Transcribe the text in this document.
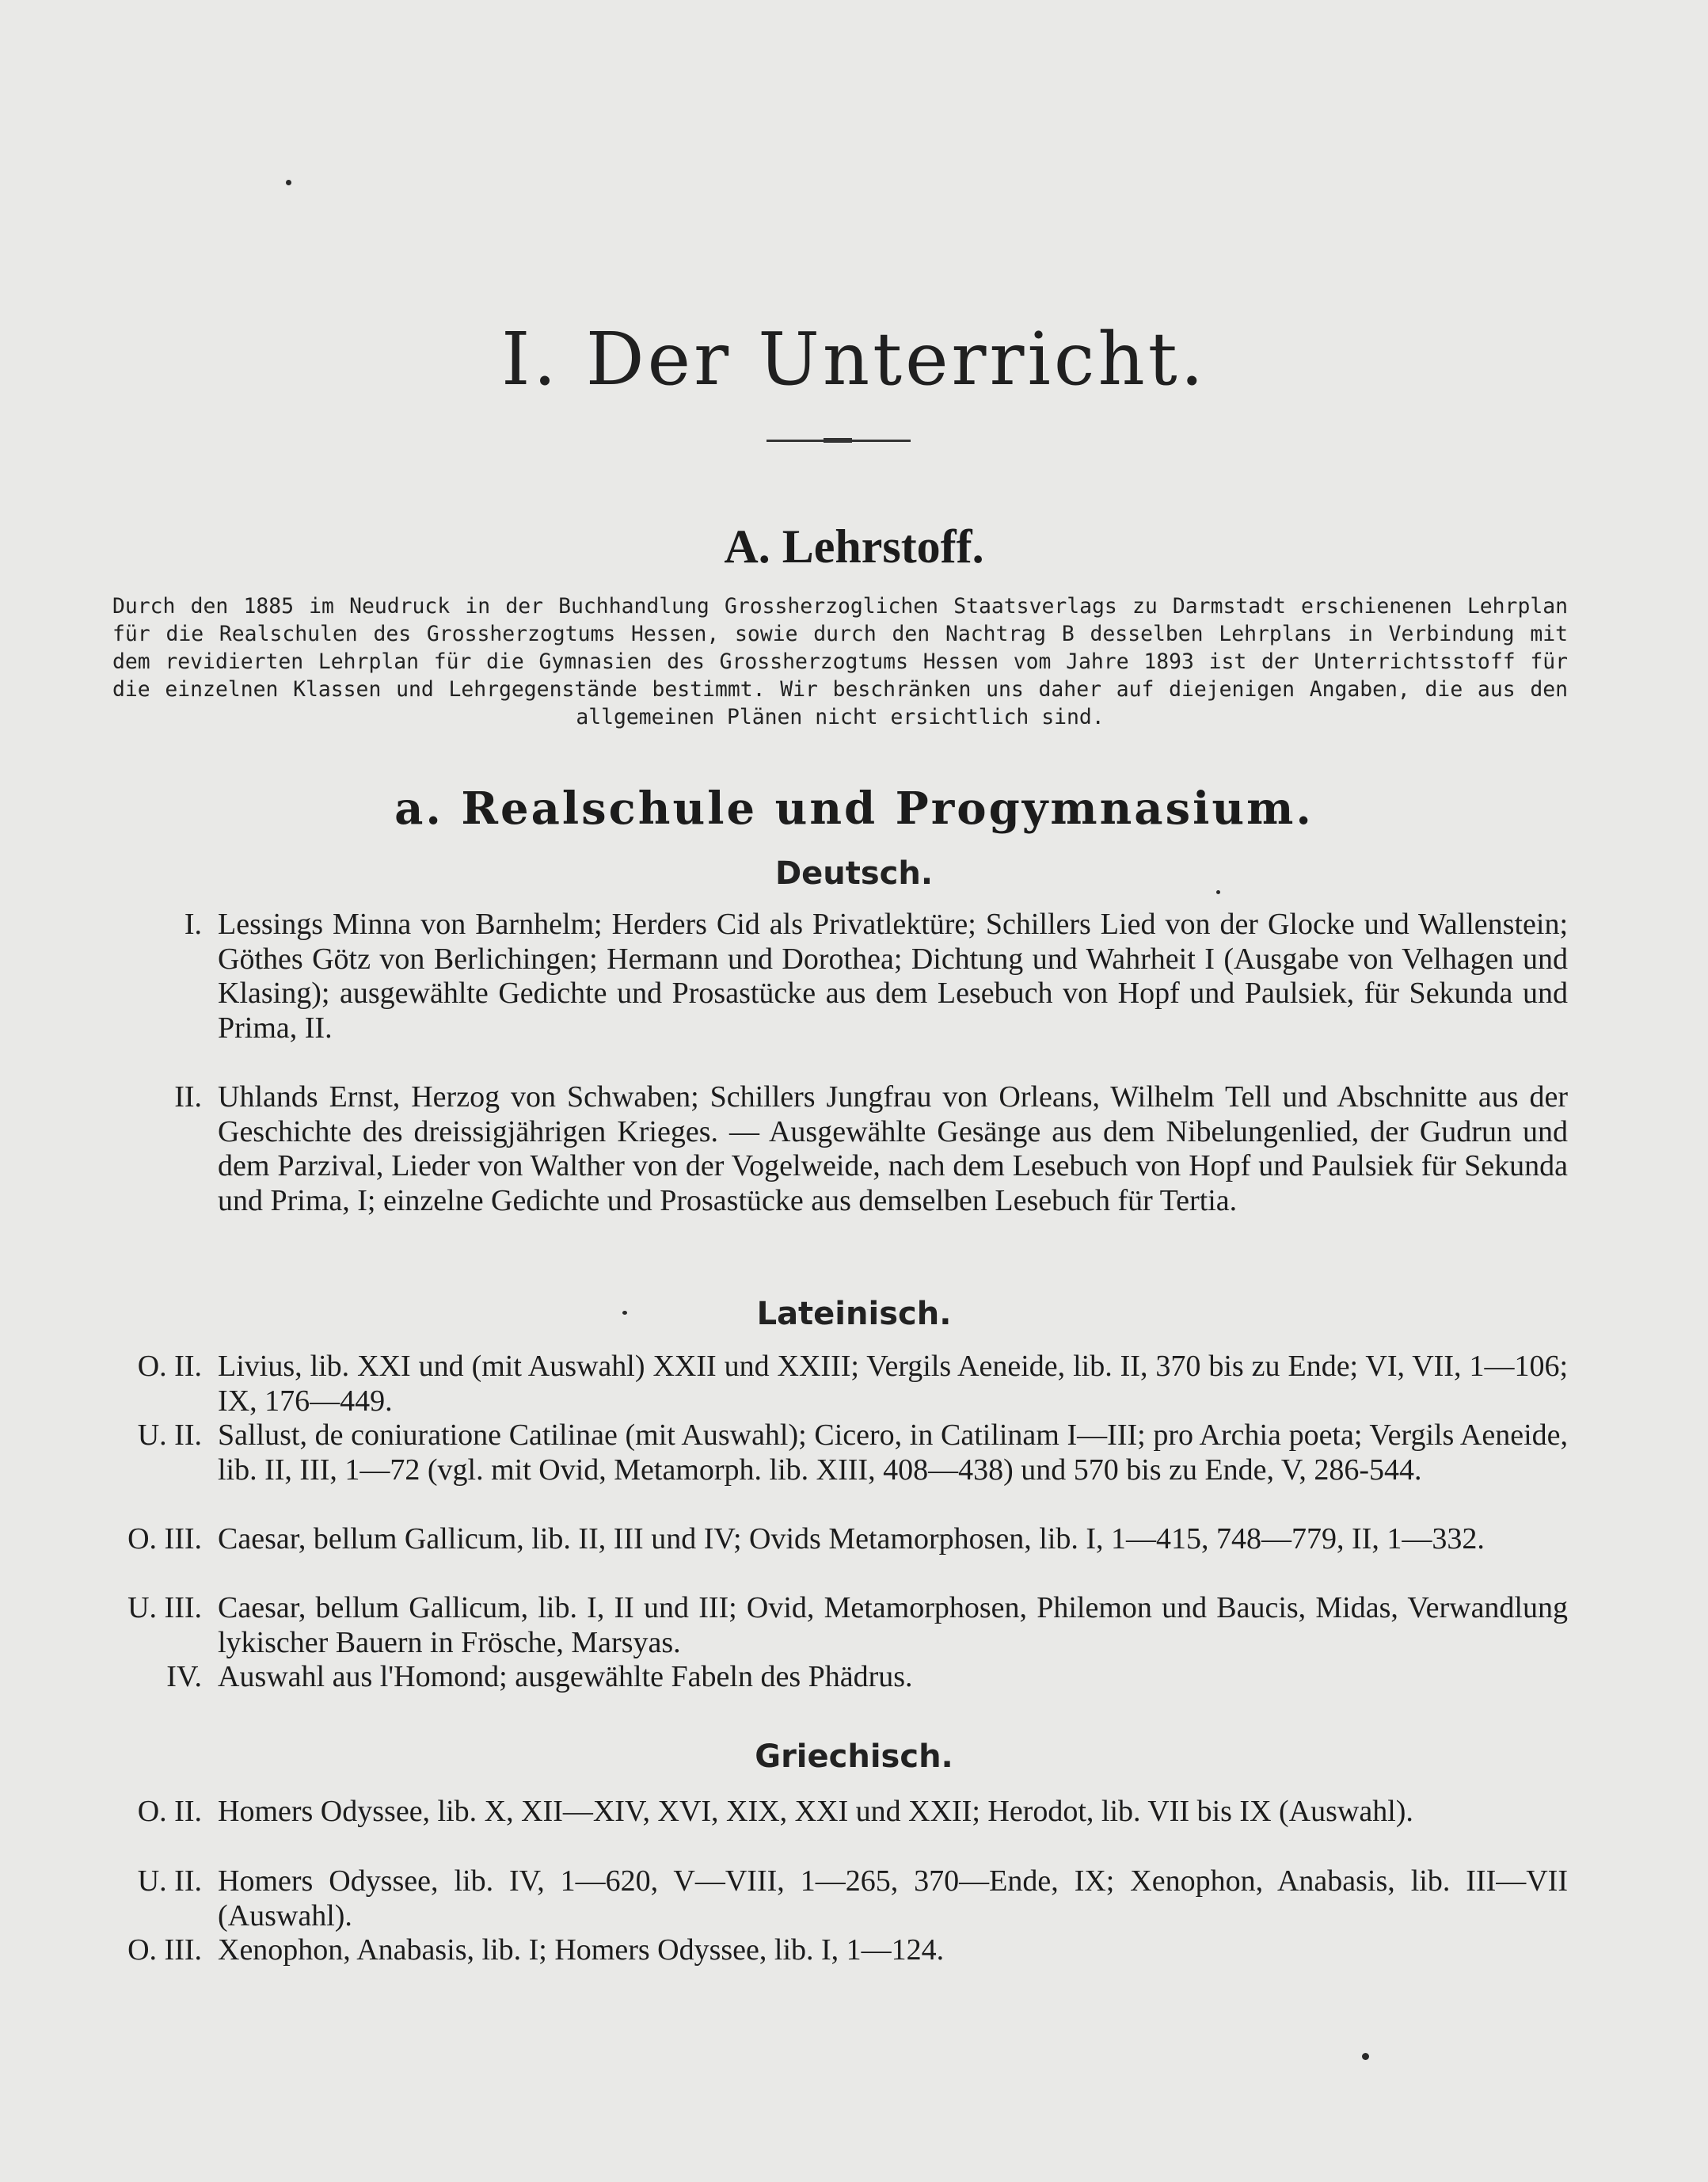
I. Der Unterricht.
A. Lehrstoff.
Durch den 1885 im Neudruck in der Buchhandlung Grossherzoglichen Staatsverlags zu Darmstadt erschienenen Lehrplan für die Realschulen des Grossherzogtums Hessen, sowie durch den Nachtrag B desselben Lehrplans in Verbindung mit dem revidierten Lehrplan für die Gymnasien des Grossherzogtums Hessen vom Jahre 1893 ist der Unterrichtsstoff für die einzelnen Klassen und Lehrgegenstände bestimmt. Wir beschränken uns daher auf diejenigen Angaben, die aus den allgemeinen Plänen nicht ersichtlich sind.
a. Realschule und Progymnasium.
Deutsch.
I. Lessings Minna von Barnhelm; Herders Cid als Privatlektüre; Schillers Lied von der Glocke und Wallenstein; Göthes Götz von Berlichingen; Hermann und Dorothea; Dichtung und Wahrheit I (Ausgabe von Velhagen und Klasing); ausgewählte Gedichte und Prosastücke aus dem Lesebuch von Hopf und Paulsiek, für Sekunda und Prima, II.
II. Uhlands Ernst, Herzog von Schwaben; Schillers Jungfrau von Orleans, Wilhelm Tell und Abschnitte aus der Geschichte des dreissigjährigen Krieges. — Ausgewählte Gesänge aus dem Nibelungenlied, der Gudrun und dem Parzival, Lieder von Walther von der Vogelweide, nach dem Lesebuch von Hopf und Paulsiek für Sekunda und Prima, I; einzelne Gedichte und Prosastücke aus demselben Lesebuch für Tertia.
Lateinisch.
O. II. Livius, lib. XXI und (mit Auswahl) XXII und XXIII; Vergils Aeneide, lib. II, 370 bis zu Ende; VI, VII, 1—106; IX, 176—449.
U. II. Sallust, de coniuratione Catilinae (mit Auswahl); Cicero, in Catilinam I—III; pro Archia poeta; Vergils Aeneide, lib. II, III, 1—72 (vgl. mit Ovid, Metamorph. lib. XIII, 408—438) und 570 bis zu Ende, V, 286-544.
O. III. Caesar, bellum Gallicum, lib. II, III und IV; Ovids Metamorphosen, lib. I, 1—415, 748—779, II, 1—332.
U. III. Caesar, bellum Gallicum, lib. I, II und III; Ovid, Metamorphosen, Philemon und Baucis, Midas, Verwandlung lykischer Bauern in Frösche, Marsyas.
IV. Auswahl aus l'Homond; ausgewählte Fabeln des Phädrus.
Griechisch.
O. II. Homers Odyssee, lib. X, XII—XIV, XVI, XIX, XXI und XXII; Herodot, lib. VII bis IX (Auswahl).
U. II. Homers Odyssee, lib. IV, 1—620, V—VIII, 1—265, 370—Ende, IX; Xenophon, Anabasis, lib. III—VII (Auswahl).
O. III. Xenophon, Anabasis, lib. I; Homers Odyssee, lib. I, 1—124.
